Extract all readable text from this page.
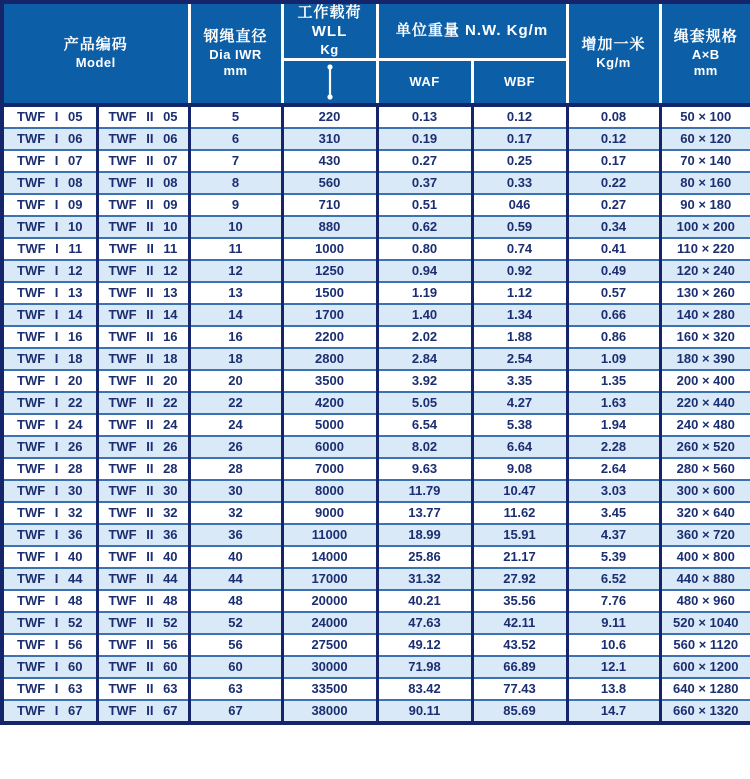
产品编码
Model

钢绳直径
Dia IWR
mm

工作载荷 WLL
Kg

单位重量 N.W. Kg/m

增加一米
Kg/m

绳套规格
A×B
mm

	WAF	WBF		
TWF I 05	TWF II 05	5	220	0.13	0.12	0.08	50 × 100
TWF I 06	TWF II 06	6	310	0.19	0.17	0.12	60 × 120
TWF I 07	TWF II 07	7	430	0.27	0.25	0.17	70 × 140
TWF I 08	TWF II 08	8	560	0.37	0.33	0.22	80 × 160
TWF I 09	TWF II 09	9	710	0.51	046	0.27	90 × 180
TWF I 10	TWF II 10	10	880	0.62	0.59	0.34	100 × 200
TWF I 11	TWF II 11	11	1000	0.80	0.74	0.41	110 × 220
TWF I 12	TWF II 12	12	1250	0.94	0.92	0.49	120 × 240
TWF I 13	TWF II 13	13	1500	1.19	1.12	0.57	130 × 260
TWF I 14	TWF II 14	14	1700	1.40	1.34	0.66	140 × 280
TWF I 16	TWF II 16	16	2200	2.02	1.88	0.86	160 × 320
TWF I 18	TWF II 18	18	2800	2.84	2.54	1.09	180 × 390
TWF I 20	TWF II 20	20	3500	3.92	3.35	1.35	200 × 400
TWF I 22	TWF II 22	22	4200	5.05	4.27	1.63	220 × 440
TWF I 24	TWF II 24	24	5000	6.54	5.38	1.94	240 × 480
TWF I 26	TWF II 26	26	6000	8.02	6.64	2.28	260 × 520
TWF I 28	TWF II 28	28	7000	9.63	9.08	2.64	280 × 560
TWF I 30	TWF II 30	30	8000	11.79	10.47	3.03	300 × 600
TWF I 32	TWF II 32	32	9000	13.77	11.62	3.45	320 × 640
TWF I 36	TWF II 36	36	11000	18.99	15.91	4.37	360 × 720
TWF I 40	TWF II 40	40	14000	25.86	21.17	5.39	400 × 800
TWF I 44	TWF II 44	44	17000	31.32	27.92	6.52	440 × 880
TWF I 48	TWF II 48	48	20000	40.21	35.56	7.76	480 × 960
TWF I 52	TWF II 52	52	24000	47.63	42.11	9.11	520 × 1040
TWF I 56	TWF II 56	56	27500	49.12	43.52	10.6	560 × 1120
TWF I 60	TWF II 60	60	30000	71.98	66.89	12.1	600 × 1200
TWF I 63	TWF II 63	63	33500	83.42	77.43	13.8	640 × 1280
TWF I 67	TWF II 67	67	38000	90.11	85.69	14.7	660 × 1320
